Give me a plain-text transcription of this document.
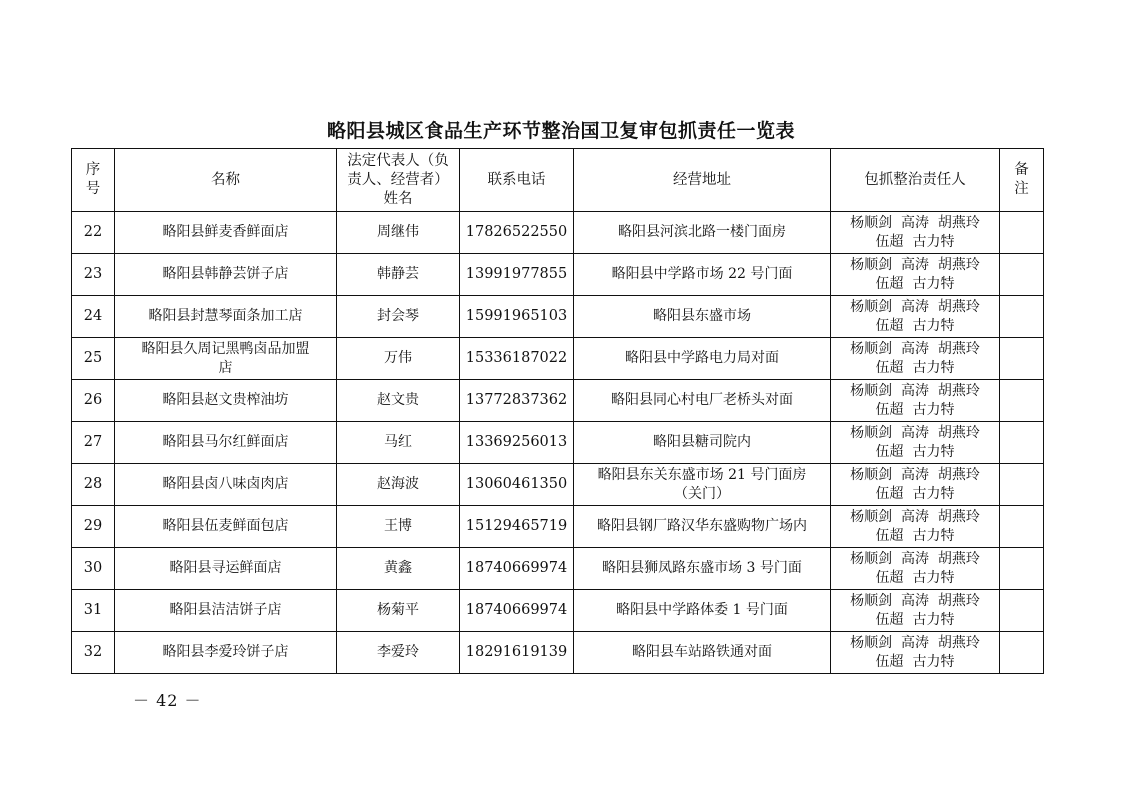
略阳县城区食品生产环节整治国卫复审包抓责任一览表
序
号	名称	法定代表人（负
责人、经营者）
姓名	联系电话	经营地址	包抓整治责任人	备
注
22	略阳县鲜麦香鲜面店	周继伟	17826522550	略阳县河滨北路一楼门面房	杨顺剑  高涛  胡燕玲
伍超  古力特	
23	略阳县韩静芸饼子店	韩静芸	13991977855	略阳县中学路市场 22 号门面	杨顺剑  高涛  胡燕玲
伍超  古力特	
24	略阳县封慧琴面条加工店	封会琴	15991965103	略阳县东盛市场	杨顺剑  高涛  胡燕玲
伍超  古力特	
25	略阳县久周记黑鸭卤品加盟
店	万伟	15336187022	略阳县中学路电力局对面	杨顺剑  高涛  胡燕玲
伍超  古力特	
26	略阳县赵文贵榨油坊	赵文贵	13772837362	略阳县同心村电厂老桥头对面	杨顺剑  高涛  胡燕玲
伍超  古力特	
27	略阳县马尔红鲜面店	马红	13369256013	略阳县糖司院内	杨顺剑  高涛  胡燕玲
伍超  古力特	
28	略阳县卤八味卤肉店	赵海波	13060461350	略阳县东关东盛市场 21 号门面房
（关门）	杨顺剑  高涛  胡燕玲
伍超  古力特	
29	略阳县伍麦鲜面包店	王博	15129465719	略阳县钢厂路汉华东盛购物广场内	杨顺剑  高涛  胡燕玲
伍超  古力特	
30	略阳县寻运鲜面店	黄鑫	18740669974	略阳县狮凤路东盛市场 3 号门面	杨顺剑  高涛  胡燕玲
伍超  古力特	
31	略阳县洁洁饼子店	杨菊平	18740669974	略阳县中学路体委 1 号门面	杨顺剑  高涛  胡燕玲
伍超  古力特	
32	略阳县李爱玲饼子店	李爱玲	18291619139	略阳县车站路铁通对面	杨顺剑  高涛  胡燕玲
伍超  古力特	
－ 42 －
